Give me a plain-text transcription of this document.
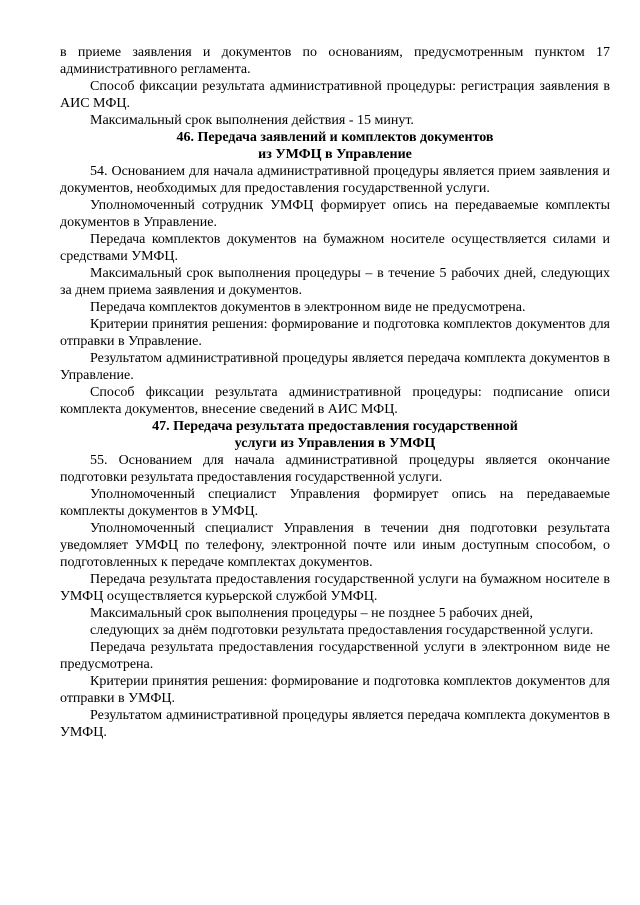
в приеме заявления и документов по основаниям, предусмотренным пунктом 17 административного регламента.

Способ фиксации результата административной процедуры: регистрация заявления в АИС МФЦ.

Максимальный срок выполнения действия - 15 минут.

46. Передача заявлений и комплектов документов
из УМФЦ в Управление

54. Основанием для начала административной процедуры является прием заявления и документов, необходимых для предоставления государственной услуги.

Уполномоченный сотрудник УМФЦ формирует опись на передаваемые комплекты документов в Управление.

Передача комплектов документов на бумажном носителе осуществляется силами и средствами УМФЦ.

Максимальный срок выполнения процедуры – в течение 5 рабочих дней, следующих за днем приема заявления и документов.

Передача комплектов документов в электронном виде не предусмотрена.

Критерии принятия решения: формирование и подготовка комплектов документов для отправки в Управление.

Результатом административной процедуры является передача комплекта документов в Управление.

Способ фиксации результата административной процедуры: подписание описи комплекта документов, внесение сведений в АИС МФЦ.

47. Передача результата предоставления государственной
услуги из Управления в УМФЦ

55. Основанием для начала административной процедуры является окончание подготовки результата предоставления государственной услуги.

Уполномоченный специалист Управления формирует опись на передаваемые комплекты документов в УМФЦ.

Уполномоченный специалист Управления в течении дня подготовки результата уведомляет УМФЦ по телефону, электронной почте или иным доступным способом, о подготовленных к передаче комплектах документов.

Передача результата предоставления государственной услуги на бумажном носителе в УМФЦ осуществляется курьерской службой УМФЦ.

Максимальный срок выполнения процедуры – не позднее 5 рабочих дней,

следующих за днём подготовки результата предоставления государственной услуги.

Передача результата предоставления государственной услуги в электронном виде не предусмотрена.

Критерии принятия решения: формирование и подготовка комплектов документов для отправки в УМФЦ.

Результатом административной процедуры является передача комплекта документов в УМФЦ.
